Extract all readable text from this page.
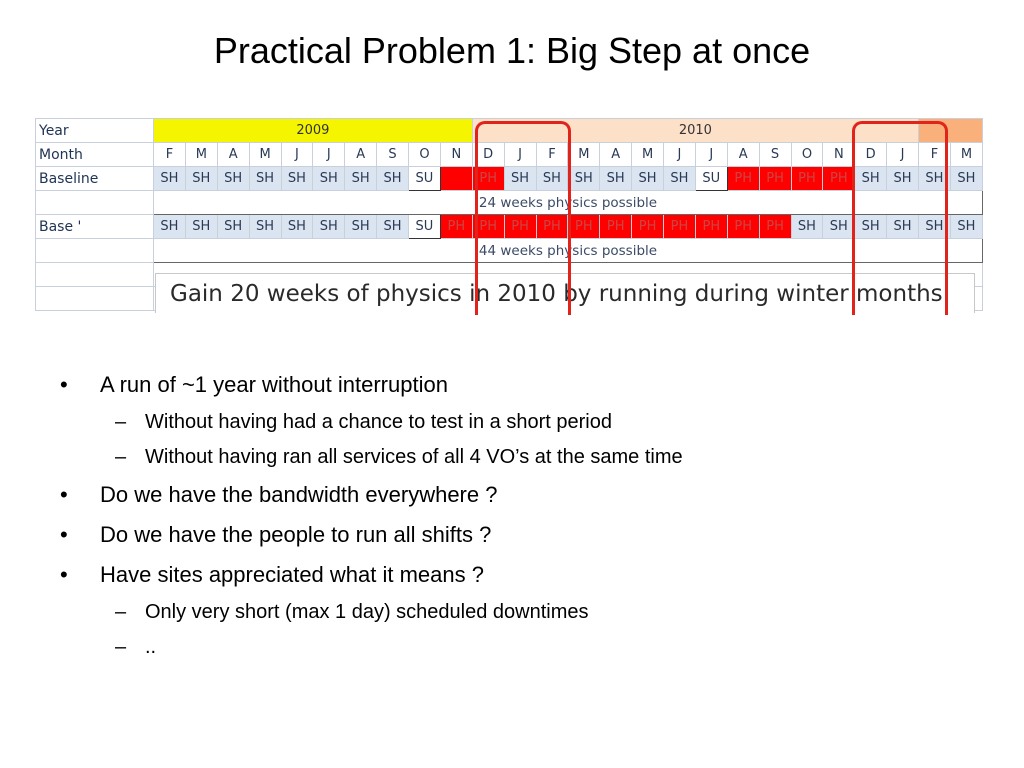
Practical Problem 1: Big Step at once
Year	2009										2010															
Month	F	M	A	M	J	J	A	S	O	N	D	J	F	M	A	M	J	J	A	S	O	N	D	J	F	M
Baseline	SH	SH	SH	SH	SH	SH	SH	SH	SU		PH	SH	SH	SH	SH	SH	SH	SU	PH	PH	PH	PH	SH	SH	SH	SH
	24 weeks physics possible																									
Base '	SH	SH	SH	SH	SH	SH	SH	SH	SU	PH	PH	PH	PH	PH	PH	PH	PH	PH	PH	PH	SH	SH	SH	SH	SH	SH
	44 weeks physics possible																									

Gain 20 weeks of physics in 2010 by running during winter months
• A run of ~1 year without interruption
– Without having had a chance to test in a short period
– Without having ran all services of all 4 VO’s at the same time
• Do we have the bandwidth everywhere ?
• Do we have the people to run all shifts ?
• Have sites appreciated what it means ?
– Only very short (max 1 day) scheduled downtimes
– ..
